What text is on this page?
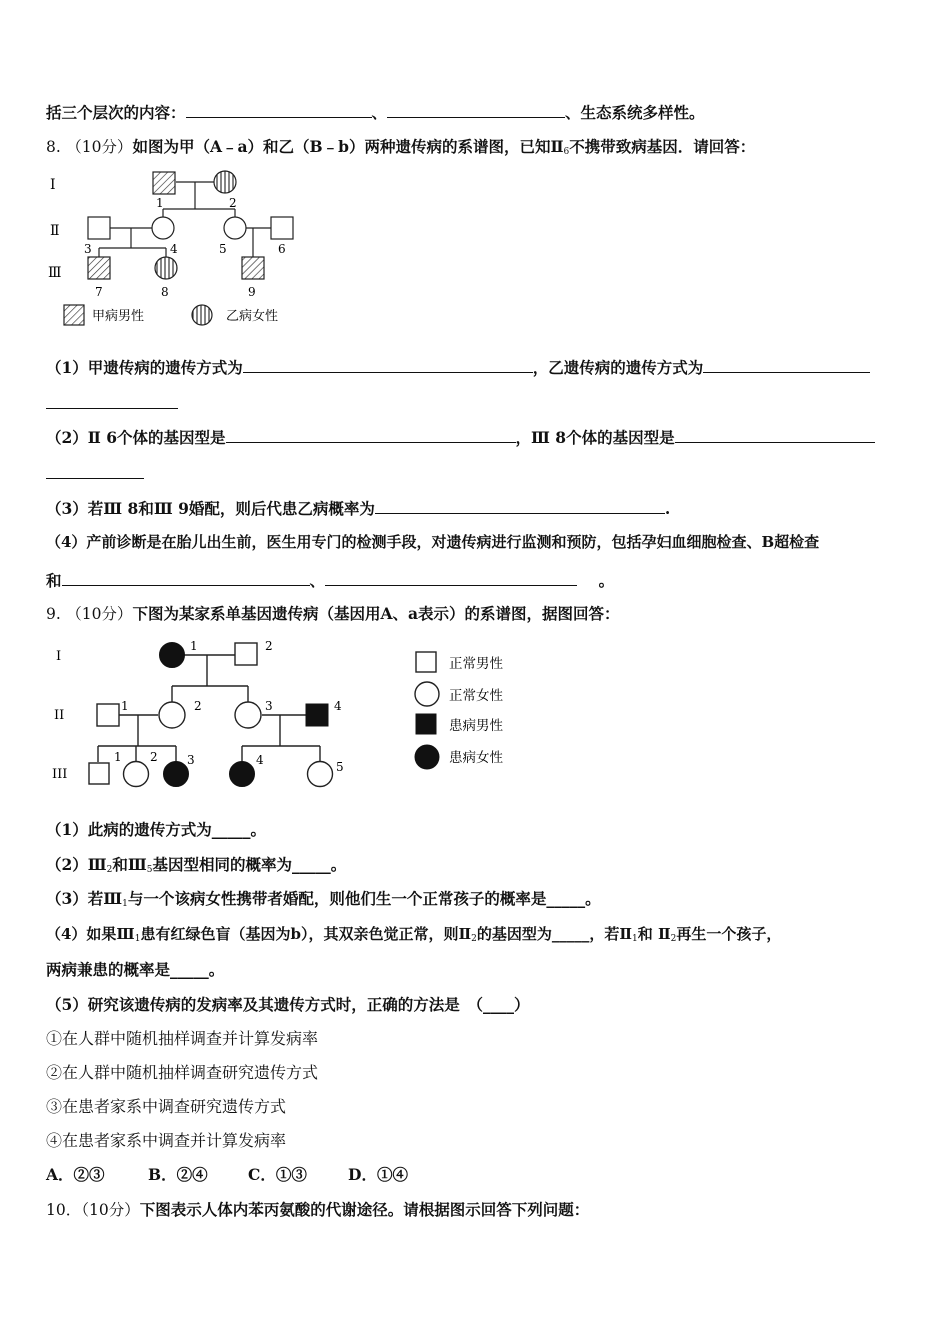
括三个层次的内容：	、	、生态系统多样性。
8. （10分）如图为甲（A﹣a）和乙（B﹣b）两种遗传病的系谱图，已知$Ⅱ_6$不携带致病基因．请回答：
Ⅰ
Ⅱ
Ⅲ
1	2
3	4	5	6
7	8	9
甲病男性	乙病女性
（1）甲遗传病的遗传方式为	，乙遗传病的遗传方式为
（2）Ⅱ 6个体的基因型是	，Ⅲ 8个体的基因型是
（3）若Ⅲ 8和Ⅲ 9婚配，则后代患乙病概率为	.
（4）产前诊断是在胎儿出生前，医生用专门的检测手段，对遗传病进行监测和预防，包括孕妇血细胞检查、B超检查
和	、	。
9. （10分）下图为某家系单基因遗传病（基因用A、a表示）的系谱图，据图回答：
I
II
III
1	2
1	2	3	4
1 2 3	4	5
正常男性
正常女性
患病男性
患病女性
（1）此病的遗传方式为_____。
$(2)Ⅲ_2$和$Ⅲ_5$基因型相同的概率为_____。
（3）若$Ⅲ_1$与一个该病女性携带者婚配，则他们生一个正常孩子的概率是_____。
（4）如果$Ⅲ_1$患有红绿色盲（基因为b），其双亲色觉正常，则$Ⅱ_2$的基因型为_____，若$Ⅱ_1$和 $Ⅱ_2$再生一个孩子，
两病兼患的概率是_____。
（5）研究该遗传病的发病率及其遗传方式时，正确的方法是　（____）
①在人群中随机抽样调查并计算发病率
②在人群中随机抽样调查研究遗传方式
③在患者家系中调查研究遗传方式
④在患者家系中调查并计算发病率
A．②③	B．②④	C．①③	D．①④
10．（10分）下图表示人体内苯丙氨酸的代谢途径。请根据图示回答下列问题：
